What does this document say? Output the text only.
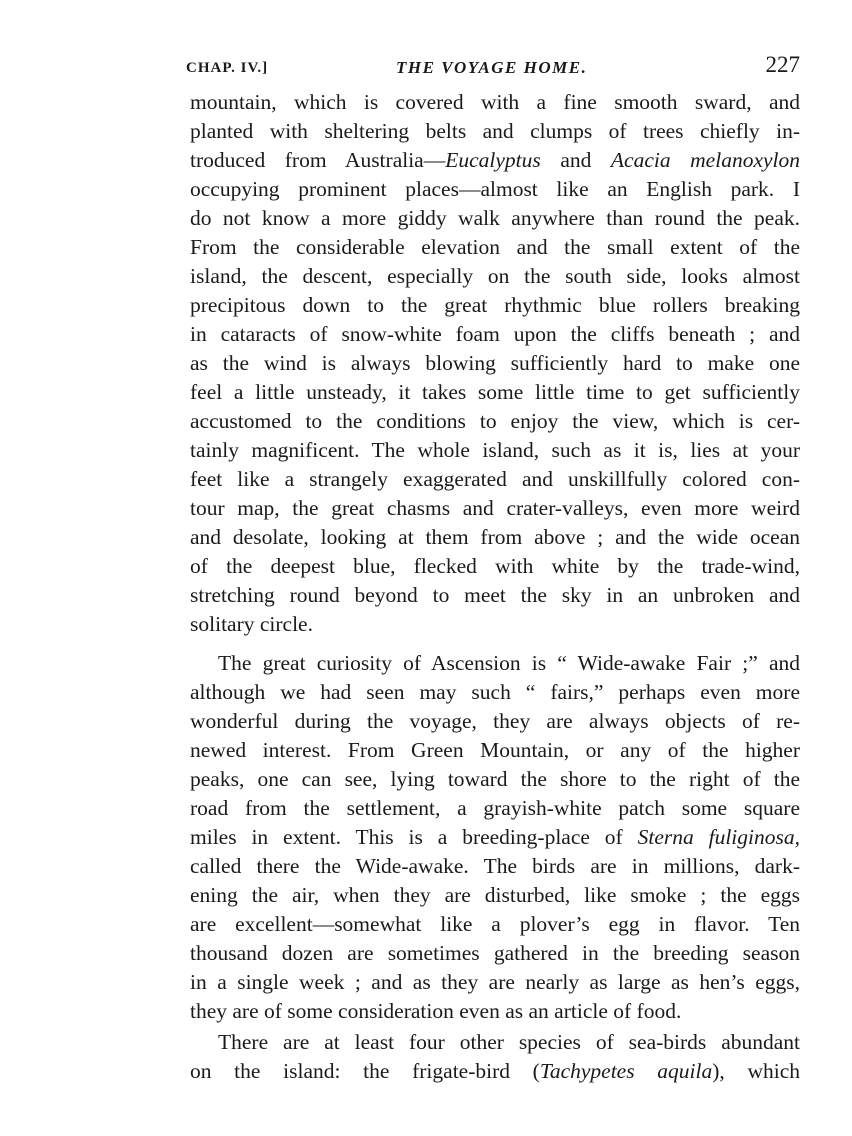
CHAP. IV.]	THE VOYAGE HOME.	227
mountain, which is covered with a fine smooth sward, and
planted with sheltering belts and clumps of trees chiefly in-
troduced from Australia—Eucalyptus and Acacia melanoxylon
occupying prominent places—almost like an English park. I
do not know a more giddy walk anywhere than round the peak.
From the considerable elevation and the small extent of the
island, the descent, especially on the south side, looks almost
precipitous down to the great rhythmic blue rollers breaking
in cataracts of snow-white foam upon the cliffs beneath ; and
as the wind is always blowing sufficiently hard to make one
feel a little unsteady, it takes some little time to get sufficiently
accustomed to the conditions to enjoy the view, which is cer-
tainly magnificent. The whole island, such as it is, lies at your
feet like a strangely exaggerated and unskillfully colored con-
tour map, the great chasms and crater-valleys, even more weird
and desolate, looking at them from above ; and the wide ocean
of the deepest blue, flecked with white by the trade-wind,
stretching round beyond to meet the sky in an unbroken and
solitary circle.
The great curiosity of Ascension is “ Wide-awake Fair ;” and
although we had seen may such “ fairs,” perhaps even more
wonderful during the voyage, they are always objects of re-
newed interest. From Green Mountain, or any of the higher
peaks, one can see, lying toward the shore to the right of the
road from the settlement, a grayish-white patch some square
miles in extent. This is a breeding-place of Sterna fuliginosa,
called there the Wide-awake. The birds are in millions, dark-
ening the air, when they are disturbed, like smoke ; the eggs
are excellent—somewhat like a plover’s egg in flavor. Ten
thousand dozen are sometimes gathered in the breeding season
in a single week ; and as they are nearly as large as hen’s eggs,
they are of some consideration even as an article of food.
There are at least four other species of sea-birds abundant
on the island: the frigate-bird (Tachypetes aquila), which
